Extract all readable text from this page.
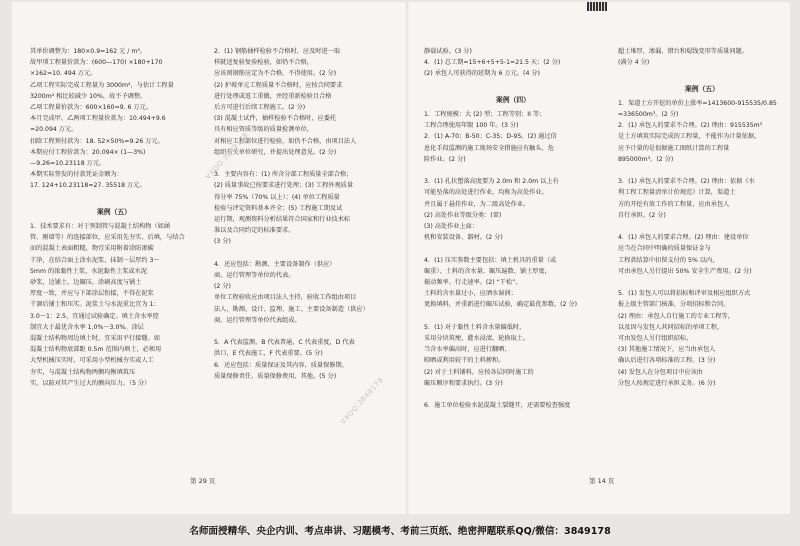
其单价调整为：180×0.9=162 元 / m³。

故甲项工程量价款为：(600—170) ×180+170

×162=10. 494 万元。

乙项工程实际完成工程量为 3000m²，与估计工程量

3200m² 相比较减少 10%，故不予调整。

乙项工程量价款为：600×160=9. 6 万元。

本月完成甲、乙两项工程量价款为：10.494+9.6

=20.094 万元。

扣除工程预付款为：18. 52×50%=9.26 万元。

本期应付工程价款为：20.094× (1—3%)

—9.26=10.23118 万元。

本期实际签发的付款凭证金额为：

17. 124+10.23118=27. 35518 万元。

案例（五）

1．技术要求有：对于预制管与混凝土结构物（如涵

管、刚墙等）的连接部位，应采用先夯实、后填，与结合

而的混凝土表面粗糙，物宜采用附着涂防渗碳

干净，在结合面上涂水泥浆、抹制一层厚约 3～

5mm 的浓黏性土浆，水泥黏性土浆或水泥

砂浆，边铺土，边碾压，涂刷高度与铺土

厚度一致，并应与下部涂层衔接，不得在泥浆

干涸后铺土和压实。泥浆土与水泥重比宜为 1：

3.0～1：2.5，宜通过试验确定。填土含水率控

制宜大于最优含水率 1.0%～3.0%。涂层

混凝土结构物周边填土时，宜采用平行接缝。如

混凝土结构物底部距 0.5m 范围内填土，必须用

大型机械压实时，可采用小型机械夯实或人工

夯实，与混凝土结构物两侧均衡填筑压

实，以防对其产生过大的侧向压力。（5 分）

2．(1) 钢筋抽样检验不合格时，应及时进一取

样就送复验复验检验，如仍不合格，

应该则钢筋应定为不合格，不得使用。(2 分)

(2) 护坡单元工程质量不合格时，应按合同要求

进行处理或返工重做，并经重新检验且合格

后方可进行后续工程施工。(2 分)

(3) 混凝土试件，抽样检验不合格时，应委托

具有相应资质等级的质量检测单位，

对相应工程部位进行检验，如仍不合格，由项目法人

组织有关单位研究，并提出处理意见。(2 分)

3．主要内容有：(1) 所含分部工程质量全部合格；

(2) 质量事故已按要求进行处理；(3) 工程外观质量

得分率 75%（70% 以上）；(4) 单位工程质量

检验与评定资料基本齐全；(5) 工程施工期及试

运行期，观测资料分析结果符合国家和行业技术标

准以及合同约定的标准要求。

(3 分)

4．还应包括：勘测、主要设备制作（供应）

商、运行管理等单位的代表。

(2 分)

单位工程验收应由项目法人主持，验收工作组由项目

法人、勘测、设计、监理、施工、主要设备制造（供应）

商、运行管理等单位代表组成。

5．A 代表监测，B 代表普通，C 代表重度，D 代表

洪口，E 代表施工，F 代表重要。(5 分)

6．还应包括：质量保证及其内容、质量保修期、

质量保修责任、质量保修费用、其他。(5 分)

静载试验。(3 分)

4．(1) 总工期=15+6+5+5-1=21.5 天；(2 分)

(2) 承包人可获得的延期为 6 万元。(4 分)

案例（四）

1．工程规模：大 (2) 型；工程等别：II 等；

工程合理使用年限 100 年。(3 分)

2．(1) A-70；B-50；C-35；D-95。(2) 通过信

息化手段监测的施工现场安全措施应有触头、危

险作业。(2 分)

3．(1) 孔状塑落高度要为 2.0m 和 2.0m 以上有

可能坠落的高处进行作业，均称为高处作业。

并且属于悬挂作业，为二级高处作业。

(2) 高处作业等级分类：(雷)

(3) 高处作业上面：

机和安装设备、器材。(2 分)

4．(1) 压实参数主要包括：填土机具的重量（或

碾重）、土料的含水量、碾压遍数、铺土厚度、

振动频率、行走速率。(2) “干松”、

土料的含水量过小，应洒水湿润；

更换填料，并重新进行碾压试验，确定最优参数。(2 分)

5．(1) 对于黏性土料含水量偏低时，

采用分块筑埂、灌水浸渍、轮换取土。

当含水率偏高时，应进行翻晒、

晾晒或利用较干的土料掺和。

(2) 对于土料铺料，应按各层同时施工的

碾压顺序和要求执行。(3 分)

6．施工单位检验水泥混凝土裂缝开，还需要检查强度

超土堆厚，渗漏、错台和堤线变形等质量问题。

(满分 4 分)

案例（五）

1．渠道土方开挖的单价上涨率=1413600-915535/0.85

=336500m³。(2 分)

2．(1) 承包人的要求不合理。(2) 理由：915535m³

是土方填筑实际完成的工程量，不能作为计量依据，

应予计量的是很据施工图纸计算的工程量

895000m³。(2 分)

3．(1) 承包人的要求不合理。(2) 理由：依据《水

利工程工程量清单计价规范》计算，渠道土

方的开挖有效工作的工程量，应由承包人

自行承担。(2 分)

4．(1) 承包人的要求合理。(2) 理由：建设单位

应当在合同中明确的质量保证金与

工程款结算中扣留支付的 5% 以内，

可由承包人另行提出 50% 安全生产费用。(2 分)

5．(1) 发包人可以将招标和评审及相应组织方式

报上级主管部门核准，分项招标和合同。

(2) 理由：承包人自行施工的专业工程等，

以及因与发包人共同招标的单项工程，

可由发包人另行组织招标。

(3) 其他施工情况下，应当由承包人

确认后进行各项标准的工程。(3 分)

(4) 发包人在分包项目中应该由

分包人按规定进行承担义务。(6 分)

第 29 页	第 14 页
VXQQ:3849178
VXQQ:3849178
名师面授精华、央企内训、考点串讲、习题模考、考前三页纸、绝密押题联系QQ/微信：3849178
